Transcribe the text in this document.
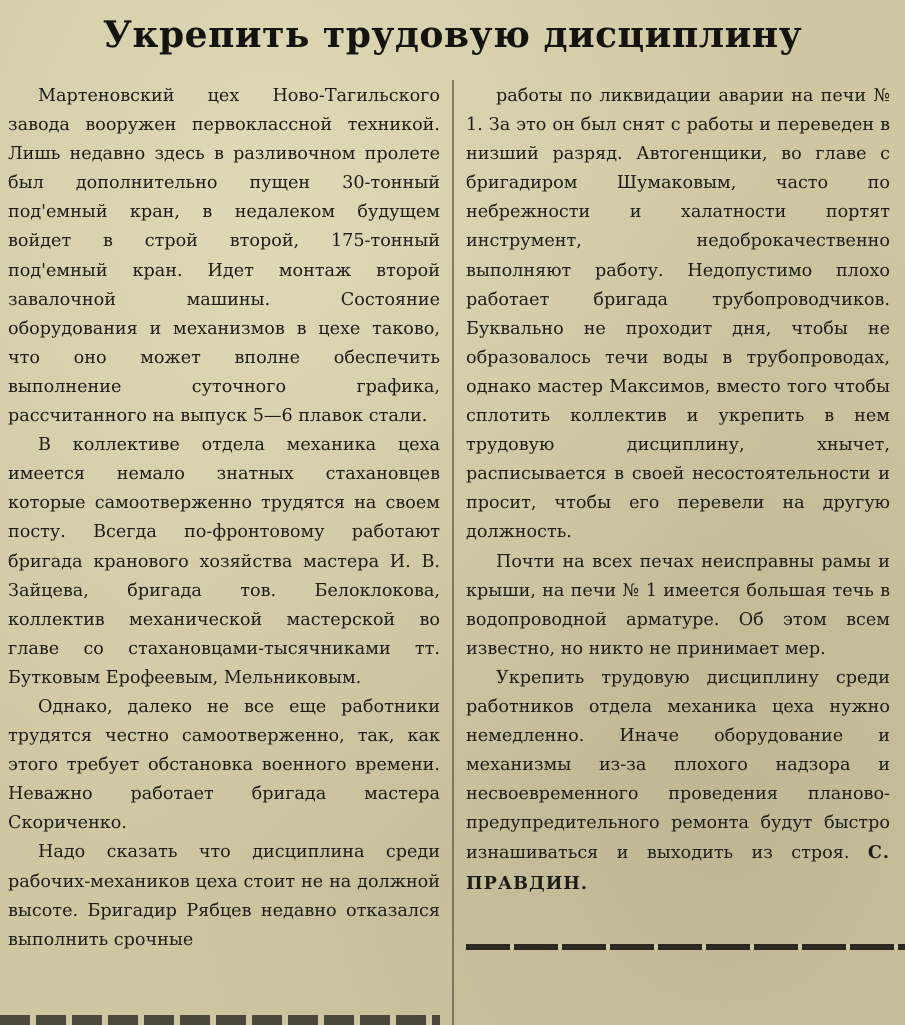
Укрепить трудовую дисциплину

Мартеновский цех Ново-Тагильского завода вооружен первоклассной техникой. Лишь недавно здесь в разливочном пролете был дополнительно пущен 30-тонный под'емный кран, в недалеком будущем войдет в строй второй, 175-тонный под'емный кран. Идет монтаж второй завалочной машины. Состояние оборудования и механизмов в цехе таково, что оно может вполне обеспечить выполнение суточного графика, рассчитанного на выпуск 5—6 плавок стали.

В коллективе отдела механика цеха имеется немало знатных стахановцев которые самоотверженно трудятся на своем посту. Всегда по-фронтовому работают бригада кранового хозяйства мастера И. В. Зайцева, бригада тов. Белоклокова, коллектив механической мастерской во главе со стахановцами-тысячниками тт. Бутковым Ерофеевым, Мельниковым.

Однако, далеко не все еще работники трудятся честно самоотверженно, так, как этого требует обстановка военного времени. Неважно работает бригада мастера Скориченко.

Надо сказать что дисциплина среди рабочих-механиков цеха стоит не на должной высоте. Бригадир Рябцев недавно отказался выполнить срочные

работы по ликвидации аварии на печи № 1. За это он был снят с работы и переведен в низший разряд. Автогенщики, во главе с бригадиром Шумаковым, часто по небрежности и халатности портят инструмент, недоброкачественно выполняют работу. Недопустимо плохо работает бригада трубопроводчиков. Буквально не проходит дня, чтобы не образовалось течи воды в трубопроводах, однако мастер Максимов, вместо того чтобы сплотить коллектив и укрепить в нем трудовую дисциплину, хнычет, расписывается в своей несостоятельности и просит, чтобы его перевели на другую должность.

Почти на всех печах неисправны рамы и крыши, на печи № 1 имеется большая течь в водопроводной арматуре. Об этом всем известно, но никто не принимает мер.

Укрепить трудовую дисциплину среди работников отдела механика цеха нужно немедленно. Иначе оборудование и механизмы из-за плохого надзора и несвоевременного проведения планово-предупредительного ремонта будут быстро изнашиваться и выходить из строя. С. ПРАВДИН.
